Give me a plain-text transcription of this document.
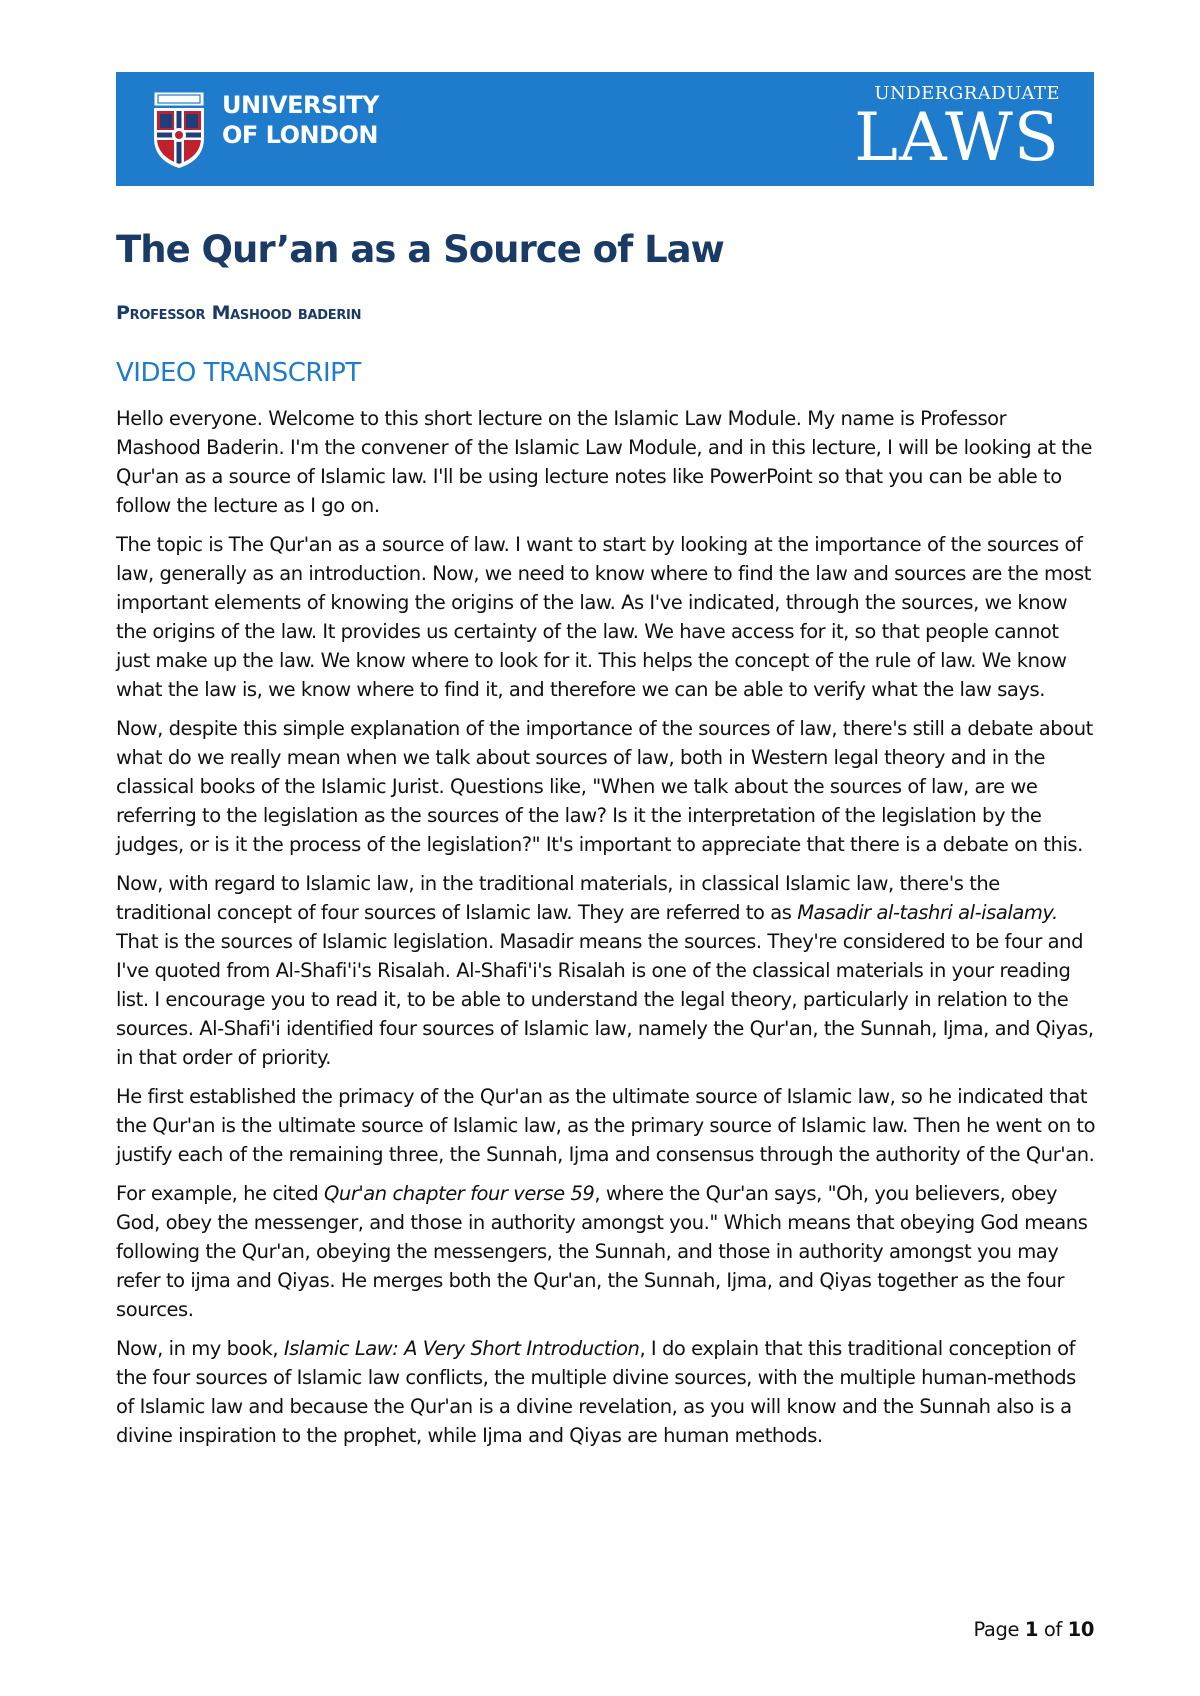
UNIVERSITY
OF LONDON
UNDERGRADUATE
LAWS
The Qur’an as a Source of Law
Professor Mashood baderin
VIDEO TRANSCRIPT

Hello everyone. Welcome to this short lecture on the Islamic Law Module. My name is Professor Mashood Baderin. I'm the convener of the Islamic Law Module, and in this lecture, I will be looking at the Qur'an as a source of Islamic law. I'll be using lecture notes like PowerPoint so that you can be able to follow the lecture as I go on.

The topic is The Qur'an as a source of law. I want to start by looking at the importance of the sources of law, generally as an introduction. Now, we need to know where to find the law and sources are the most important elements of knowing the origins of the law. As I've indicated, through the sources, we know the origins of the law. It provides us certainty of the law. We have access for it, so that people cannot just make up the law. We know where to look for it. This helps the concept of the rule of law. We know what the law is, we know where to find it, and therefore we can be able to verify what the law says.

Now, despite this simple explanation of the importance of the sources of law, there's still a debate about what do we really mean when we talk about sources of law, both in Western legal theory and in the classical books of the Islamic Jurist. Questions like, "When we talk about the sources of law, are we referring to the legislation as the sources of the law? Is it the interpretation of the legislation by the judges, or is it the process of the legislation?" It's important to appreciate that there is a debate on this.

Now, with regard to Islamic law, in the traditional materials, in classical Islamic law, there's the traditional concept of four sources of Islamic law. They are referred to as Masadir al-tashri al-isalamy. That is the sources of Islamic legislation. Masadir means the sources. They're considered to be four and I've quoted from Al-Shafi'i's Risalah. Al-Shafi'i's Risalah is one of the classical materials in your reading list. I encourage you to read it, to be able to understand the legal theory, particularly in relation to the sources. Al-Shafi'i identified four sources of Islamic law, namely the Qur'an, the Sunnah, Ijma, and Qiyas, in that order of priority.

He first established the primacy of the Qur'an as the ultimate source of Islamic law, so he indicated that the Qur'an is the ultimate source of Islamic law, as the primary source of Islamic law. Then he went on to justify each of the remaining three, the Sunnah, Ijma and consensus through the authority of the Qur'an.

For example, he cited Qur'an chapter four verse 59, where the Qur'an says, "Oh, you believers, obey God, obey the messenger, and those in authority amongst you." Which means that obeying God means following the Qur'an, obeying the messengers, the Sunnah, and those in authority amongst you may refer to ijma and Qiyas. He merges both the Qur'an, the Sunnah, Ijma, and Qiyas together as the four sources.

Now, in my book, Islamic Law: A Very Short Introduction, I do explain that this traditional conception of the four sources of Islamic law conflicts, the multiple divine sources, with the multiple human-methods of Islamic law and because the Qur'an is a divine revelation, as you will know and the Sunnah also is a divine inspiration to the prophet, while Ijma and Qiyas are human methods.

Page 1 of 10
